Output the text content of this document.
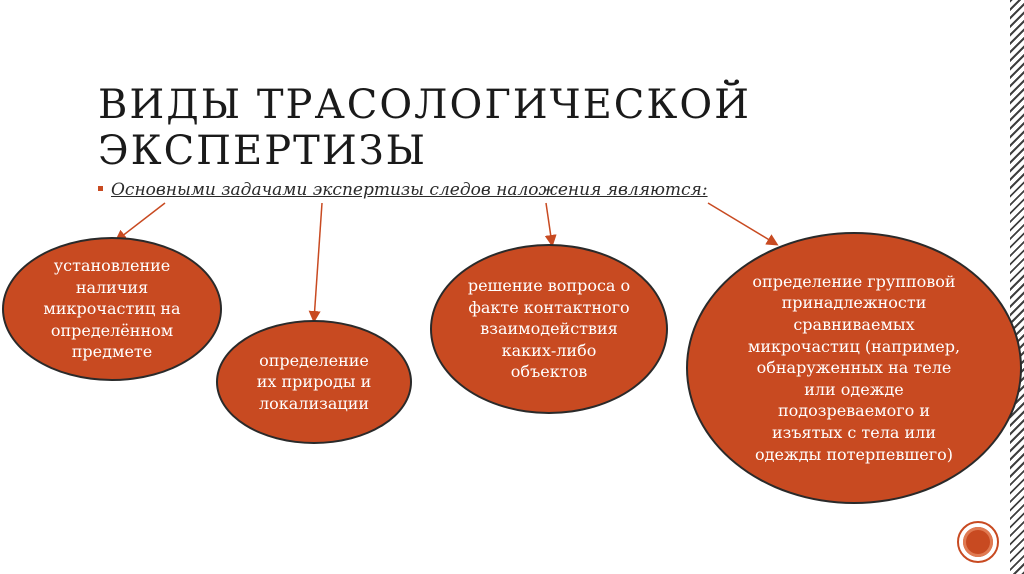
ВИДЫ ТРАСОЛОГИЧЕСКОЙ ЭКСПЕРТИЗЫ
Основными задачами экспертизы следов наложения являются:
установление наличия микрочастиц на определённом предмете	определение их природы и локализации
решение вопроса о факте контактного взаимодействия каких-либо объектов
определение групповой принадлежности сравниваемых микрочастиц (например, обнаруженных на теле или одежде подозреваемого и изъятых с тела или одежды потерпевшего)
